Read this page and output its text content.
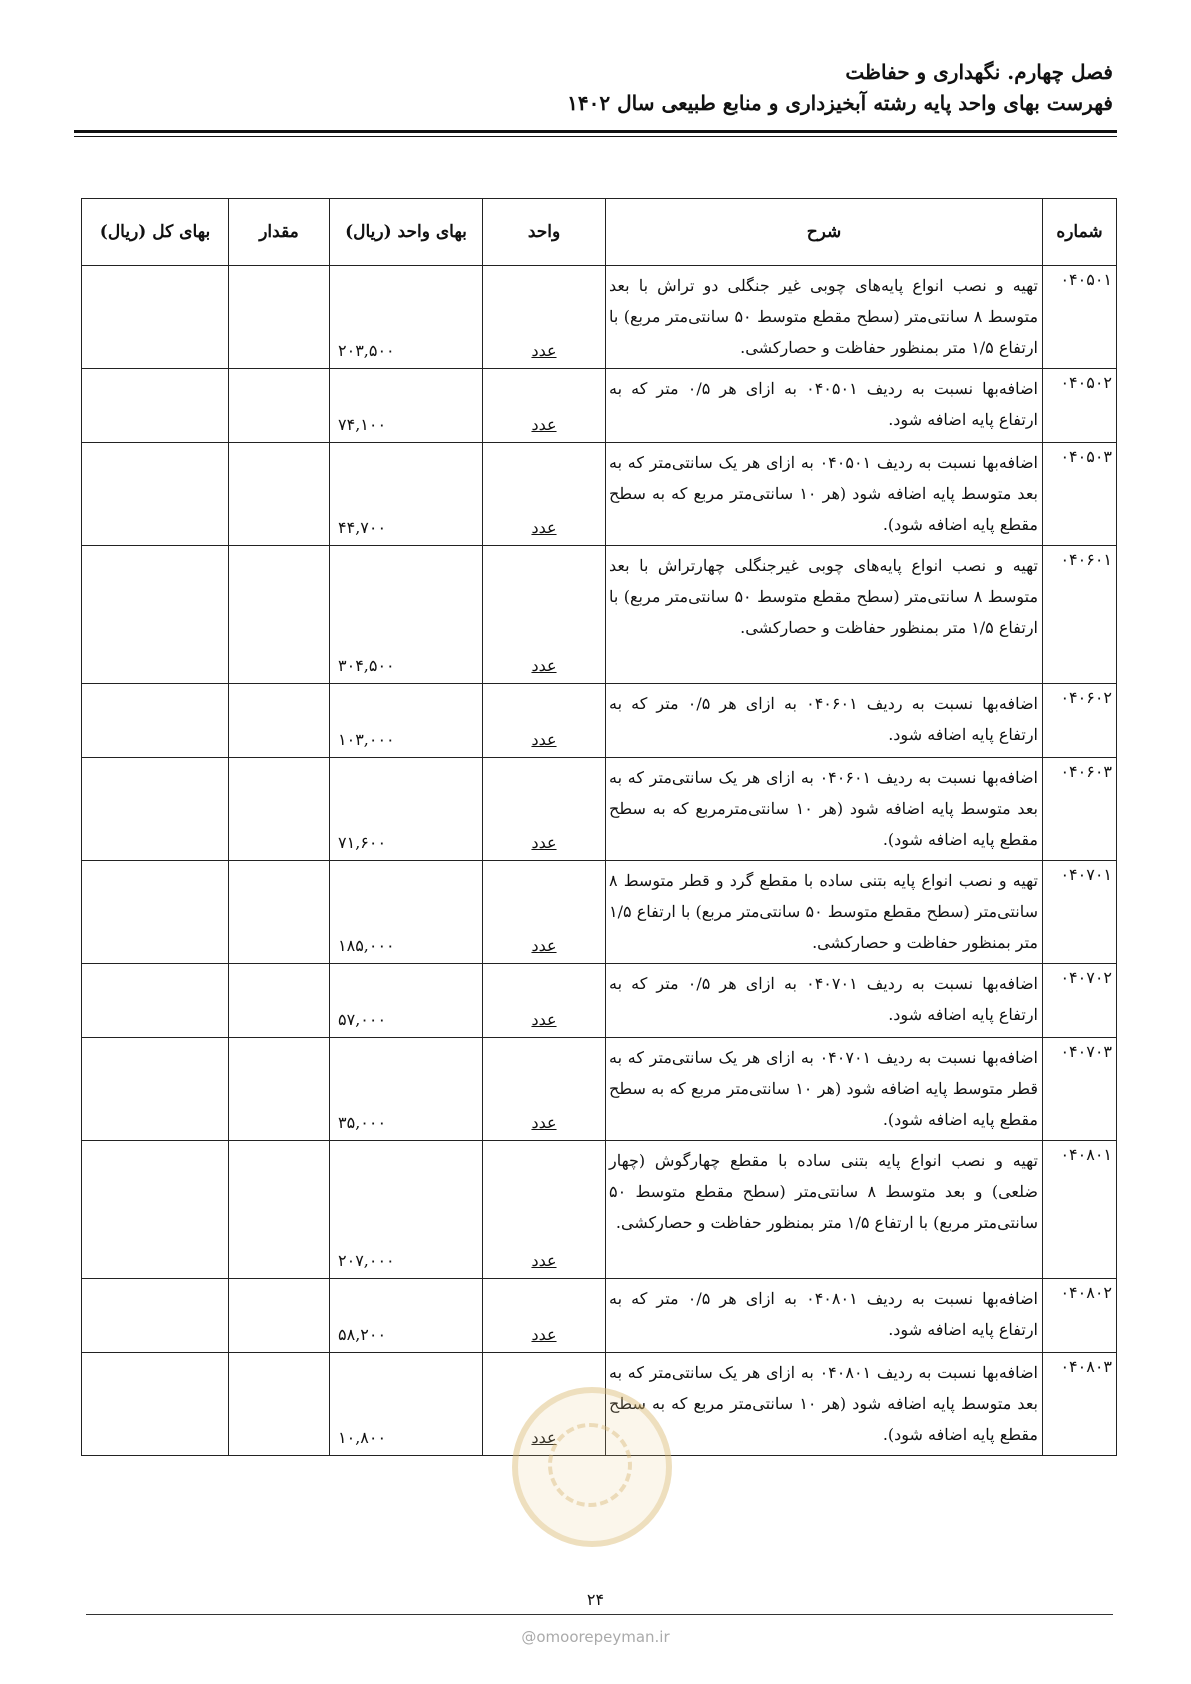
فصل چهارم. نگهداری و حفاظت
فهرست بهای واحد پایه رشته آبخیزداری و منابع طبیعی سال ۱۴۰۲
شماره	شرح	واحد	بهای واحد (ریال)	مقدار	بهای کل (ریال)
۰۴۰۵۰۱	تهیه و نصب انواع پایه‌های چوبی غیر جنگلی دو تراش با بعد متوسط ۸ سانتی‌متر (سطح مقطع متوسط ۵۰ سانتی‌متر مربع) با ارتفاع ۱/۵ متر بمنظور حفاظت و حصارکشی.	عدد	۲۰۳,۵۰۰		
۰۴۰۵۰۲	اضافه‌بها نسبت به ردیف ۰۴۰۵۰۱ به ازای هر ۰/۵ متر که به ارتفاع پایه اضافه شود.	عدد	۷۴,۱۰۰		
۰۴۰۵۰۳	اضافه‌بها نسبت به ردیف ۰۴۰۵۰۱ به ازای هر یک سانتی‌متر که به بعد متوسط پایه اضافه شود (هر ۱۰ سانتی‌متر مربع که به سطح مقطع پایه اضافه شود).	عدد	۴۴,۷۰۰		
۰۴۰۶۰۱	تهیه و نصب انواع پایه‌های چوبی غیرجنگلی چهارتراش با بعد متوسط ۸ سانتی‌متر (سطح مقطع متوسط ۵۰ سانتی‌متر مربع) با ارتفاع ۱/۵ متر بمنظور حفاظت و حصارکشی.	عدد	۳۰۴,۵۰۰		
۰۴۰۶۰۲	اضافه‌بها نسبت به ردیف ۰۴۰۶۰۱ به ازای هر ۰/۵ متر که به ارتفاع پایه اضافه شود.	عدد	۱۰۳,۰۰۰		
۰۴۰۶۰۳	اضافه‌بها نسبت به ردیف ۰۴۰۶۰۱ به ازای هر یک سانتی‌متر که به بعد متوسط پایه اضافه شود (هر ۱۰ سانتی‌مترمربع که به سطح مقطع پایه اضافه شود).	عدد	۷۱,۶۰۰		
۰۴۰۷۰۱	تهیه و نصب انواع پایه بتنی ساده با مقطع گرد و قطر متوسط ۸ سانتی‌متر (سطح مقطع متوسط ۵۰ سانتی‌متر مربع) با ارتفاع ۱/۵ متر بمنظور حفاظت و حصارکشی.	عدد	۱۸۵,۰۰۰		
۰۴۰۷۰۲	اضافه‌بها نسبت به ردیف ۰۴۰۷۰۱ به ازای هر ۰/۵ متر که به ارتفاع پایه اضافه شود.	عدد	۵۷,۰۰۰		
۰۴۰۷۰۳	اضافه‌بها نسبت به ردیف ۰۴۰۷۰۱ به ازای هر یک سانتی‌متر که به قطر متوسط پایه اضافه شود (هر ۱۰ سانتی‌متر مربع که به سطح مقطع پایه اضافه شود).	عدد	۳۵,۰۰۰		
۰۴۰۸۰۱	تهیه و نصب انواع پایه بتنی ساده با مقطع چهارگوش (چهار ضلعی) و بعد متوسط ۸ سانتی‌متر (سطح مقطع متوسط ۵۰ سانتی‌متر مربع) با ارتفاع ۱/۵ متر بمنظور حفاظت و حصارکشی.	عدد	۲۰۷,۰۰۰		
۰۴۰۸۰۲	اضافه‌بها نسبت به ردیف ۰۴۰۸۰۱ به ازای هر ۰/۵ متر که به ارتفاع پایه اضافه شود.	عدد	۵۸,۲۰۰		
۰۴۰۸۰۳	اضافه‌بها نسبت به ردیف ۰۴۰۸۰۱ به ازای هر یک سانتی‌متر که به بعد متوسط پایه اضافه شود (هر ۱۰ سانتی‌متر مربع که به سطح مقطع پایه اضافه شود).	عدد	۱۰,۸۰۰		
۲۴
@omoorepeyman.ir
